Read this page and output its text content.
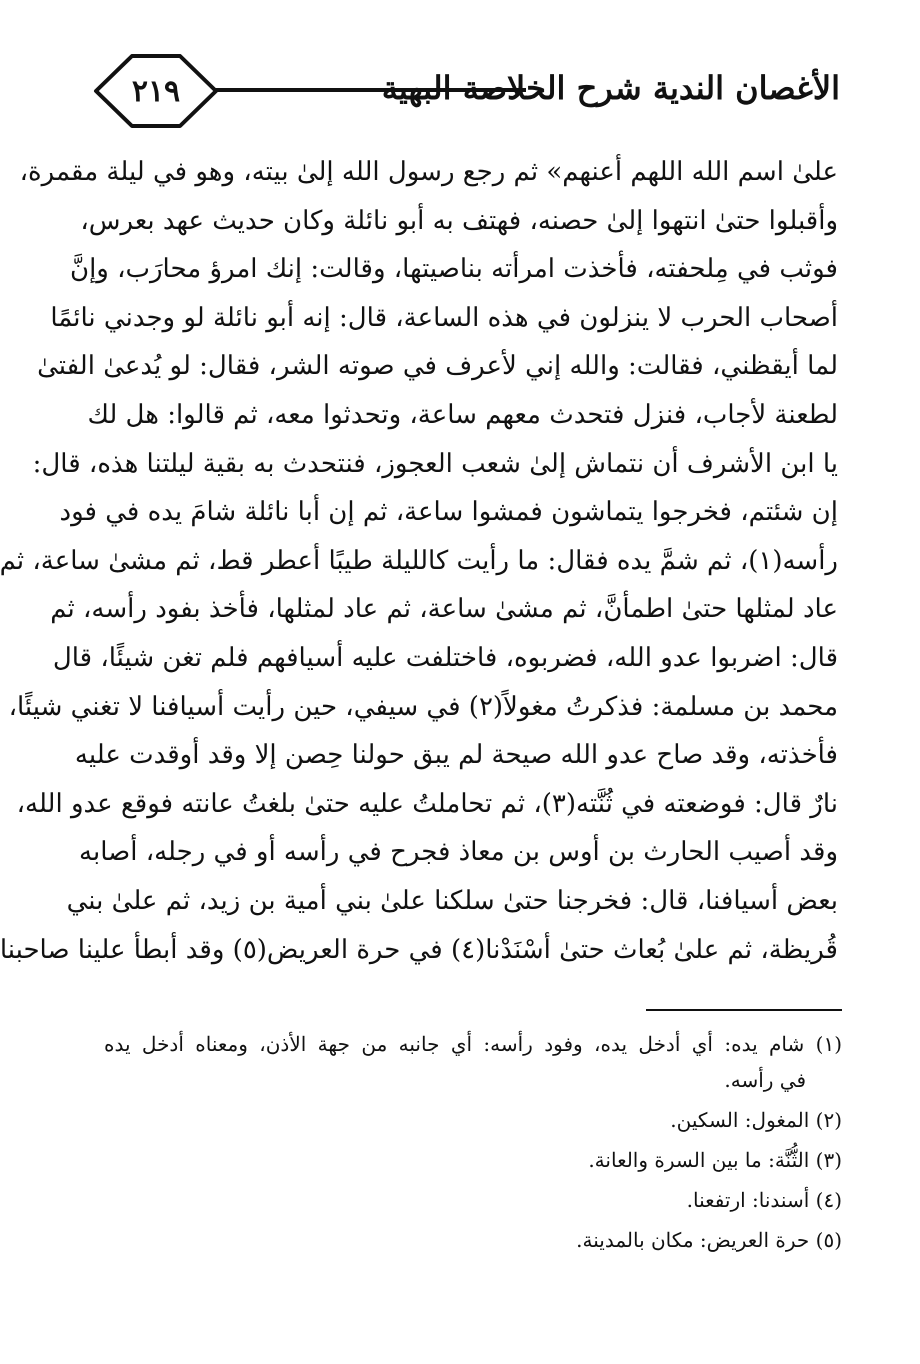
٢١٩	الأغصان الندية شرح الخلاصة البهية
علىٰ اسم الله اللهم أعنهم» ثم رجع رسول الله إلىٰ بيته، وهو في ليلة مقمرة،
وأقبلوا حتىٰ انتهوا إلىٰ حصنه، فهتف به أبو نائلة وكان حديث عهد بعرس،
فوثب في مِلحفته، فأخذت امرأته بناصيتها، وقالت: إنك امرؤ محارَب، وإنَّ
أصحاب الحرب لا ينزلون في هذه الساعة، قال: إنه أبو نائلة لو وجدني نائمًا
لما أيقظني، فقالت: والله إني لأعرف في صوته الشر، فقال: لو يُدعىٰ الفتىٰ
لطعنة لأجاب، فنزل فتحدث معهم ساعة، وتحدثوا معه، ثم قالوا: هل لك
يا ابن الأشرف أن نتماش إلىٰ شعب العجوز، فنتحدث به بقية ليلتنا هذه، قال:
إن شئتم، فخرجوا يتماشون فمشوا ساعة، ثم إن أبا نائلة شامَ يده في فود
رأسه(١)، ثم شمَّ يده فقال: ما رأيت كالليلة طيبًا أعطر قط، ثم مشىٰ ساعة، ثم
عاد لمثلها حتىٰ اطمأنَّ، ثم مشىٰ ساعة، ثم عاد لمثلها، فأخذ بفود رأسه، ثم
قال: اضربوا عدو الله، فضربوه، فاختلفت عليه أسيافهم فلم تغن شيئًا، قال
محمد بن مسلمة: فذكرتُ مغولاً(٢) في سيفي، حين رأيت أسيافنا لا تغني شيئًا،
فأخذته، وقد صاح عدو الله صيحة لم يبق حولنا حِصن إلا وقد أوقدت عليه
نارٌ قال: فوضعته في ثُنَّته(٣)، ثم تحاملتُ عليه حتىٰ بلغتُ عانته فوقع عدو الله،
وقد أصيب الحارث بن أوس بن معاذ فجرح في رأسه أو في رجله، أصابه
بعض أسيافنا، قال: فخرجنا حتىٰ سلكنا علىٰ بني أمية بن زيد، ثم علىٰ بني
قُريظة، ثم علىٰ بُعاث حتىٰ أسْنَدْنا(٤) في حرة العريض(٥) وقد أبطأ علينا صاحبنا
(١) شام يده: أي أدخل يده، وفود رأسه: أي جانبه من جهة الأذن، ومعناه أدخل يده
في رأسه.
(٢) المغول: السكين.
(٣) الثُّنَّة: ما بين السرة والعانة.
(٤) أسندنا: ارتفعنا.
(٥) حرة العريض: مكان بالمدينة.
